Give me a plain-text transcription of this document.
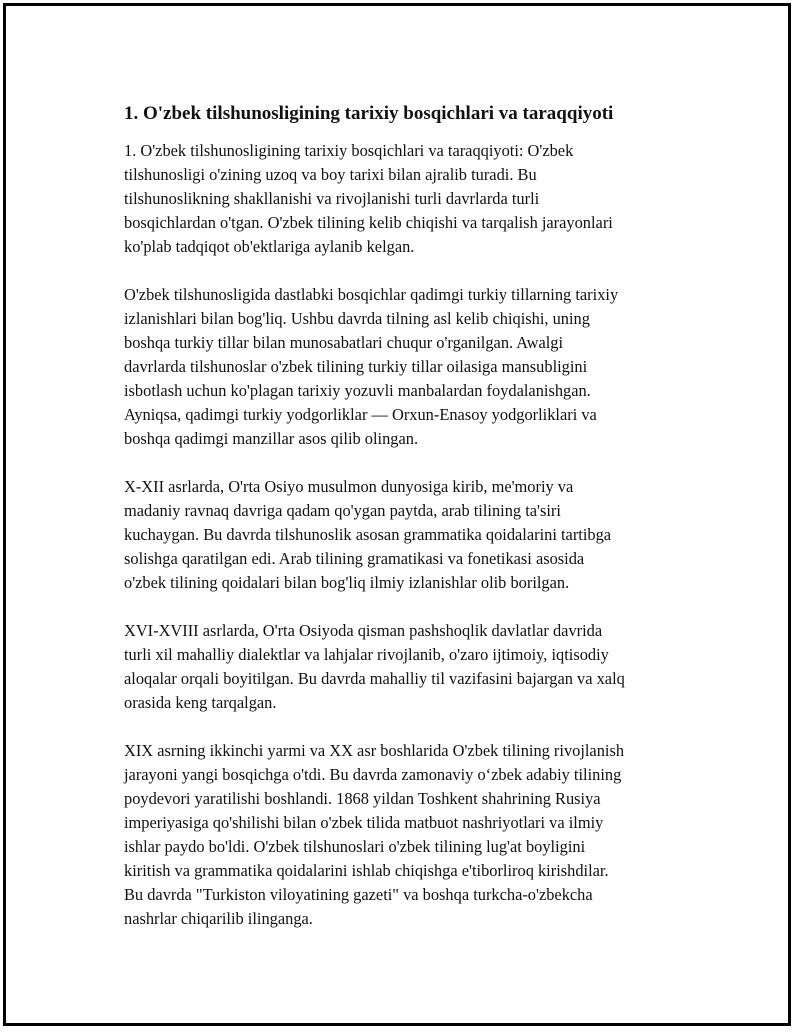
1. O'zbek tilshunosligining tarixiy bosqichlari va taraqqiyoti

1. O'zbek tilshunosligining tarixiy bosqichlari va taraqqiyoti: O'zbek
tilshunosligi o'zining uzoq va boy tarixi bilan ajralib turadi. Bu
tilshunoslikning shakllanishi va rivojlanishi turli davrlarda turli
bosqichlardan o'tgan. O'zbek tilining kelib chiqishi va tarqalish jarayonlari
ko'plab tadqiqot ob'ektlariga aylanib kelgan.

O'zbek tilshunosligida dastlabki bosqichlar qadimgi turkiy tillarning tarixiy
izlanishlari bilan bog'liq. Ushbu davrda tilning asl kelib chiqishi, uning
boshqa turkiy tillar bilan munosabatlari chuqur o'rganilgan. Awalgi
davrlarda tilshunoslar o'zbek tilining turkiy tillar oilasiga mansubligini
isbotlash uchun ko'plagan tarixiy yozuvli manbalardan foydalanishgan.
Ayniqsa, qadimgi turkiy yodgorliklar — Orxun-Enasoy yodgorliklari va
boshqa qadimgi manzillar asos qilib olingan.

X-XII asrlarda, O'rta Osiyo musulmon dunyosiga kirib, me'moriy va
madaniy ravnaq davriga qadam qo'ygan paytda, arab tilining ta'siri
kuchaygan. Bu davrda tilshunoslik asosan grammatika qoidalarini tartibga
solishga qaratilgan edi. Arab tilining gramatikasi va fonetikasi asosida
o'zbek tilining qoidalari bilan bog'liq ilmiy izlanishlar olib borilgan.

XVI-XVIII asrlarda, O'rta Osiyoda qisman pashshoqlik davlatlar davrida
turli xil mahalliy dialektlar va lahjalar rivojlanib, o'zaro ijtimoiy, iqtisodiy
aloqalar orqali boyitilgan. Bu davrda mahalliy til vazifasini bajargan va xalq
orasida keng tarqalgan.

XIX asrning ikkinchi yarmi va XX asr boshlarida O'zbek tilining rivojlanish
jarayoni yangi bosqichga o'tdi. Bu davrda zamonaviy o‘zbek adabiy tilining
poydevori yaratilishi boshlandi. 1868 yildan Toshkent shahrining Rusiya
imperiyasiga qo'shilishi bilan o'zbek tilida matbuot nashriyotlari va ilmiy
ishlar paydo bo'ldi. O'zbek tilshunoslari o'zbek tilining lug'at boyligini
kiritish va grammatika qoidalarini ishlab chiqishga e'tiborliroq kirishdilar.
Bu davrda "Turkiston viloyatining gazeti" va boshqa turkcha-o'zbekcha
nashrlar chiqarilib ilinganga.
